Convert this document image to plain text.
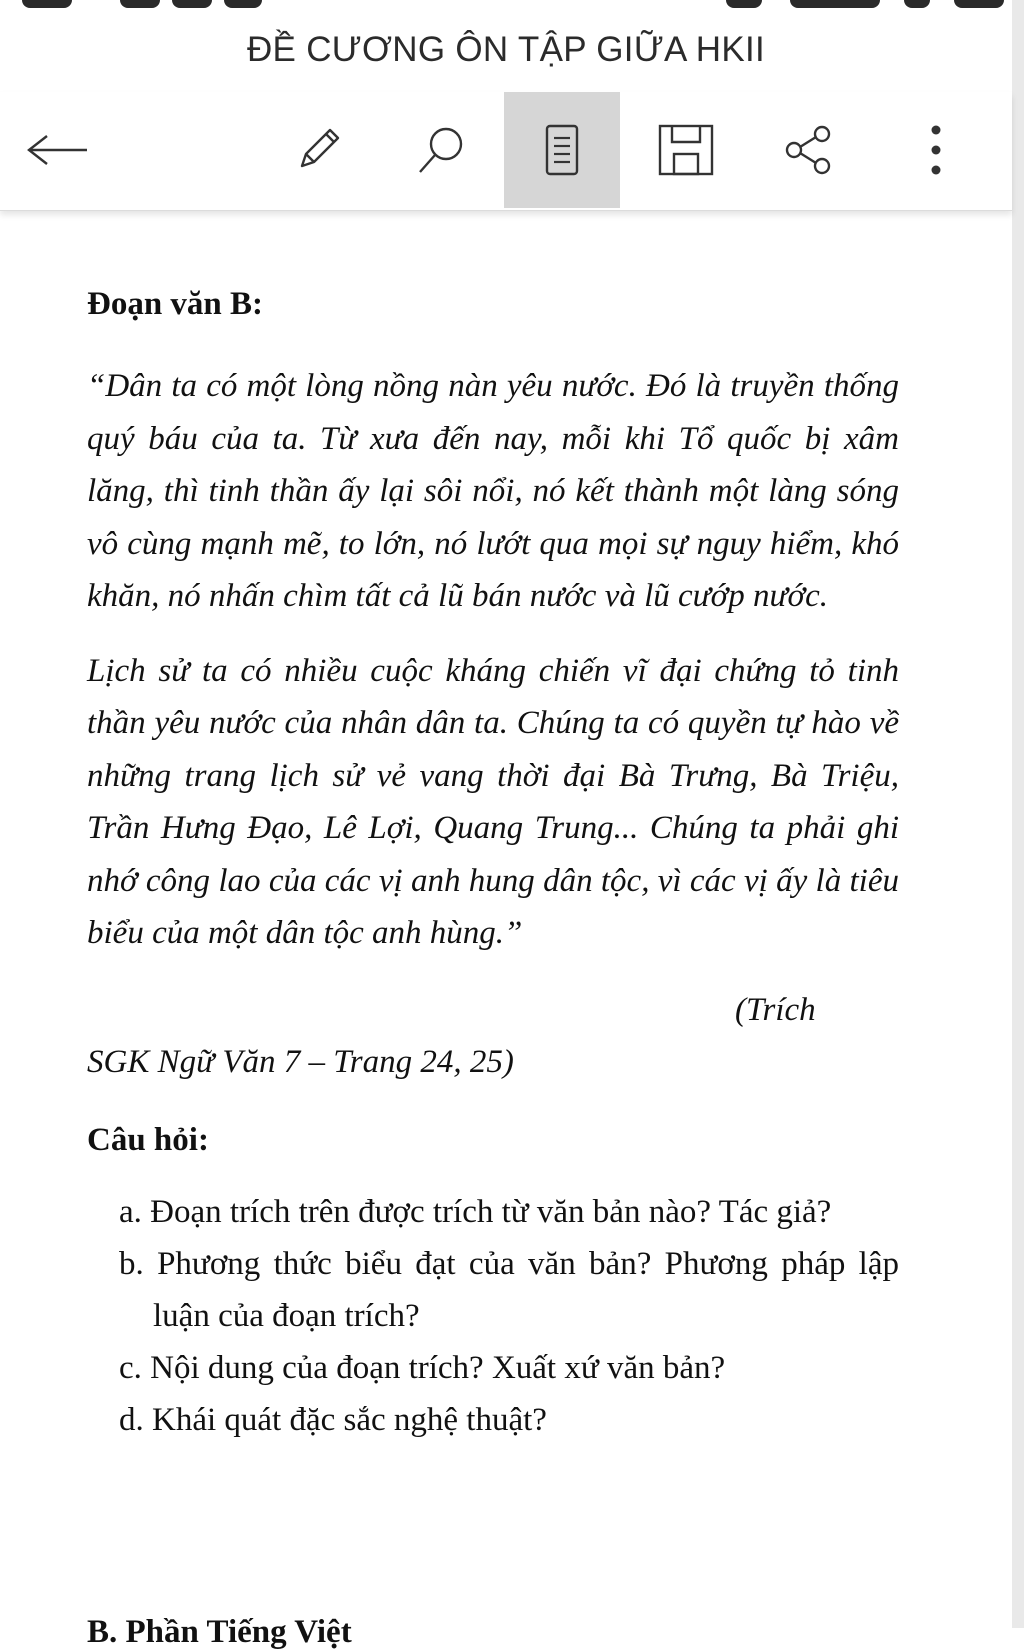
ĐỀ CƯƠNG ÔN TẬP GIỮA HKII
Đoạn văn B:

“Dân ta có một lòng nồng nàn yêu nước. Đó là truyền thống quý báu của ta. Từ xưa đến nay, mỗi khi Tổ quốc bị xâm lăng, thì tinh thần ấy lại sôi nổi, nó kết thành một làng sóng vô cùng mạnh mẽ, to lớn, nó lướt qua mọi sự nguy hiểm, khó khăn, nó nhấn chìm tất cả lũ bán nước và lũ cướp nước.

Lịch sử ta có nhiều cuộc kháng chiến vĩ đại chứng tỏ tinh thần yêu nước của nhân dân ta. Chúng ta có quyền tự hào về những trang lịch sử vẻ vang thời đại Bà Trưng, Bà Triệu, Trần Hưng Đạo, Lê Lợi, Quang Trung... Chúng ta phải ghi nhớ công lao của các vị anh hung dân tộc, vì các vị ấy là tiêu biểu của một dân tộc anh hùng.”

(Trích
SGK Ngữ Văn 7 – Trang 24, 25)
Câu hỏi:
a. Đoạn trích trên được trích từ văn bản nào? Tác giả?
b. Phương thức biểu đạt của văn bản? Phương pháp lập luận của đoạn trích?
c. Nội dung của đoạn trích? Xuất xứ văn bản?
d. Khái quát đặc sắc nghệ thuật?
B. Phần Tiếng Việt
